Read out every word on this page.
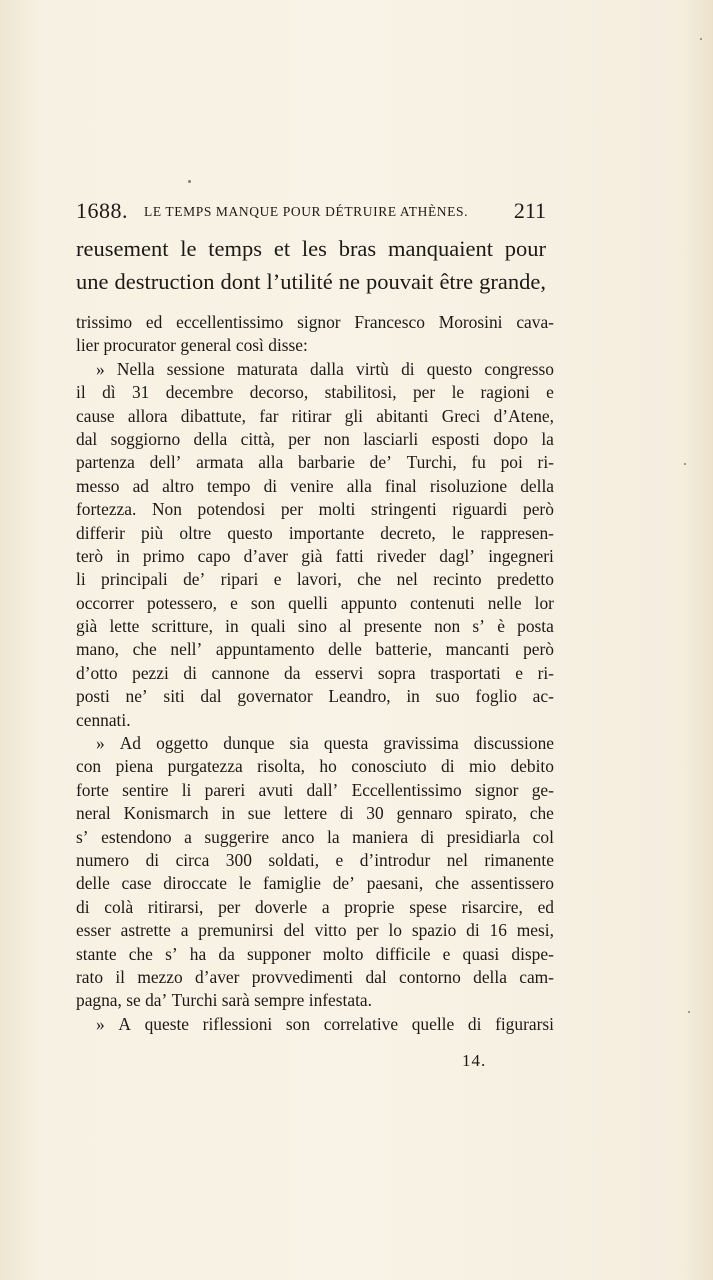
1688. LE TEMPS MANQUE POUR DÉTRUIRE ATHÈNES. 211
reusement le temps et les bras manquaient pour
une destruction dont l’utilité ne pouvait être grande,
trissimo ed eccellentissimo signor Francesco Morosini cava-
lier
procurator
general
così
disse:
» Nella sessione maturata dalla virtù di questo congresso
il dì 31 decembre decorso, stabilitosi, per le ragioni e
cause allora dibattute, far ritirar gli abitanti Greci d’Atene,
dal soggiorno della città, per non lasciarli esposti dopo la
partenza dell’ armata alla barbarie de’ Turchi, fu poi ri-
messo ad altro tempo di venire alla final risoluzione della
fortezza. Non potendosi per molti stringenti riguardi però
differir più oltre questo importante decreto, le rappresen-
terò in primo capo d’aver già fatti riveder dagl’ ingegneri
li principali de’ ripari e lavori, che nel recinto predetto
occorrer potessero, e son quelli appunto contenuti nelle lor
già lette scritture, in quali sino al presente non s’ è posta
mano, che nell’ appuntamento delle batterie, mancanti però
d’otto pezzi di cannone da esservi sopra trasportati e ri-
posti ne’ siti dal governator Leandro, in suo foglio ac-
cennati.
» Ad oggetto dunque sia questa gravissima discussione
con piena purgatezza risolta, ho conosciuto di mio debito
forte sentire li pareri avuti dall’ Eccellentissimo signor ge-
neral Konismarch in sue lettere di 30 gennaro spirato, che
s’ estendono a suggerire anco la maniera di presidiarla col
numero di circa 300 soldati, e d’introdur nel rimanente
delle case diroccate le famiglie de’ paesani, che assentissero
di colà ritirarsi, per doverle a proprie spese risarcire, ed
esser astrette a premunirsi del vitto per lo spazio di 16 mesi,
stante che s’ ha da supponer molto difficile e quasi dispe-
rato il mezzo d’aver provvedimenti dal contorno della cam-
pagna,
se
da’
Turchi
sarà
sempre
infestata.
» A queste riflessioni son correlative quelle di figurarsi
14.
